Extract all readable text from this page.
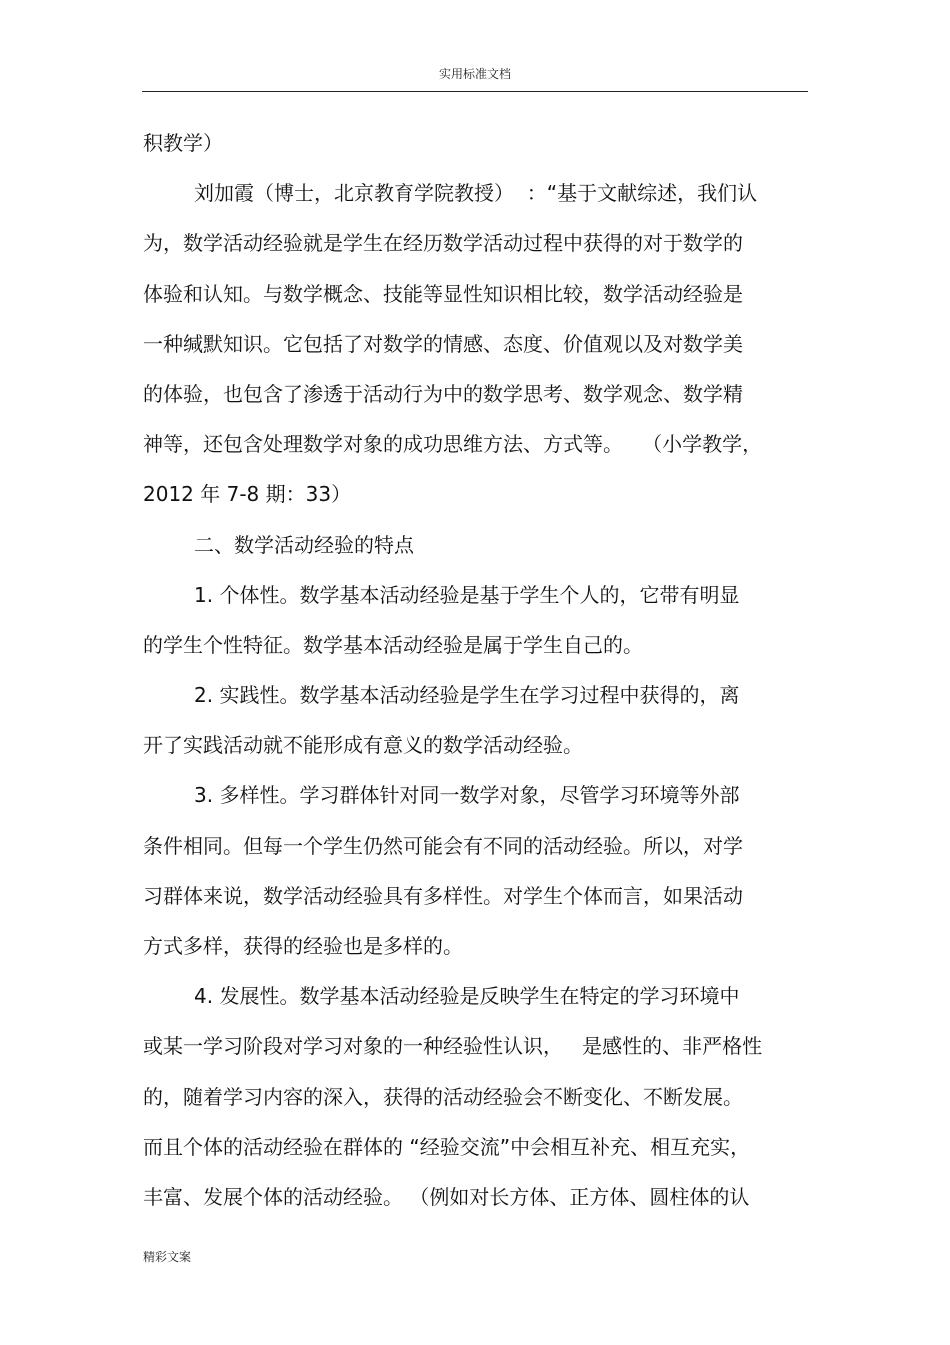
实用标准文档
积教学）
刘加霞（博士，北京教育学院教授）  ：“基于文献综述，我们认
为，数学活动经验就是学生在经历数学活动过程中获得的对于数学的
体验和认知。与数学概念、技能等显性知识相比较，数学活动经验是
一种缄默知识。它包括了对数学的情感、态度、价值观以及对数学美
的体验，也包含了渗透于活动行为中的数学思考、数学观念、数学精
神等，还包含处理数学对象的成功思维方法、方式等。   （小学教学，
2012 年 7-8 期：33）
二、数学活动经验的特点
1. 个体性。数学基本活动经验是基于学生个人的，它带有明显
的学生个性特征。数学基本活动经验是属于学生自己的。
2. 实践性。数学基本活动经验是学生在学习过程中获得的，离
开了实践活动就不能形成有意义的数学活动经验。
3. 多样性。学习群体针对同一数学对象，尽管学习环境等外部
条件相同。但每一个学生仍然可能会有不同的活动经验。所以，对学
习群体来说，数学活动经验具有多样性。对学生个体而言，如果活动
方式多样，获得的经验也是多样的。
4. 发展性。数学基本活动经验是反映学生在特定的学习环境中
或某一学习阶段对学习对象的一种经验性认识，   是感性的、非严格性
的，随着学习内容的深入，获得的活动经验会不断变化、不断发展。
而且个体的活动经验在群体的 “经验交流”中会相互补充、相互充实，
丰富、发展个体的活动经验。 （例如对长方体、正方体、圆柱体的认
精彩文案
